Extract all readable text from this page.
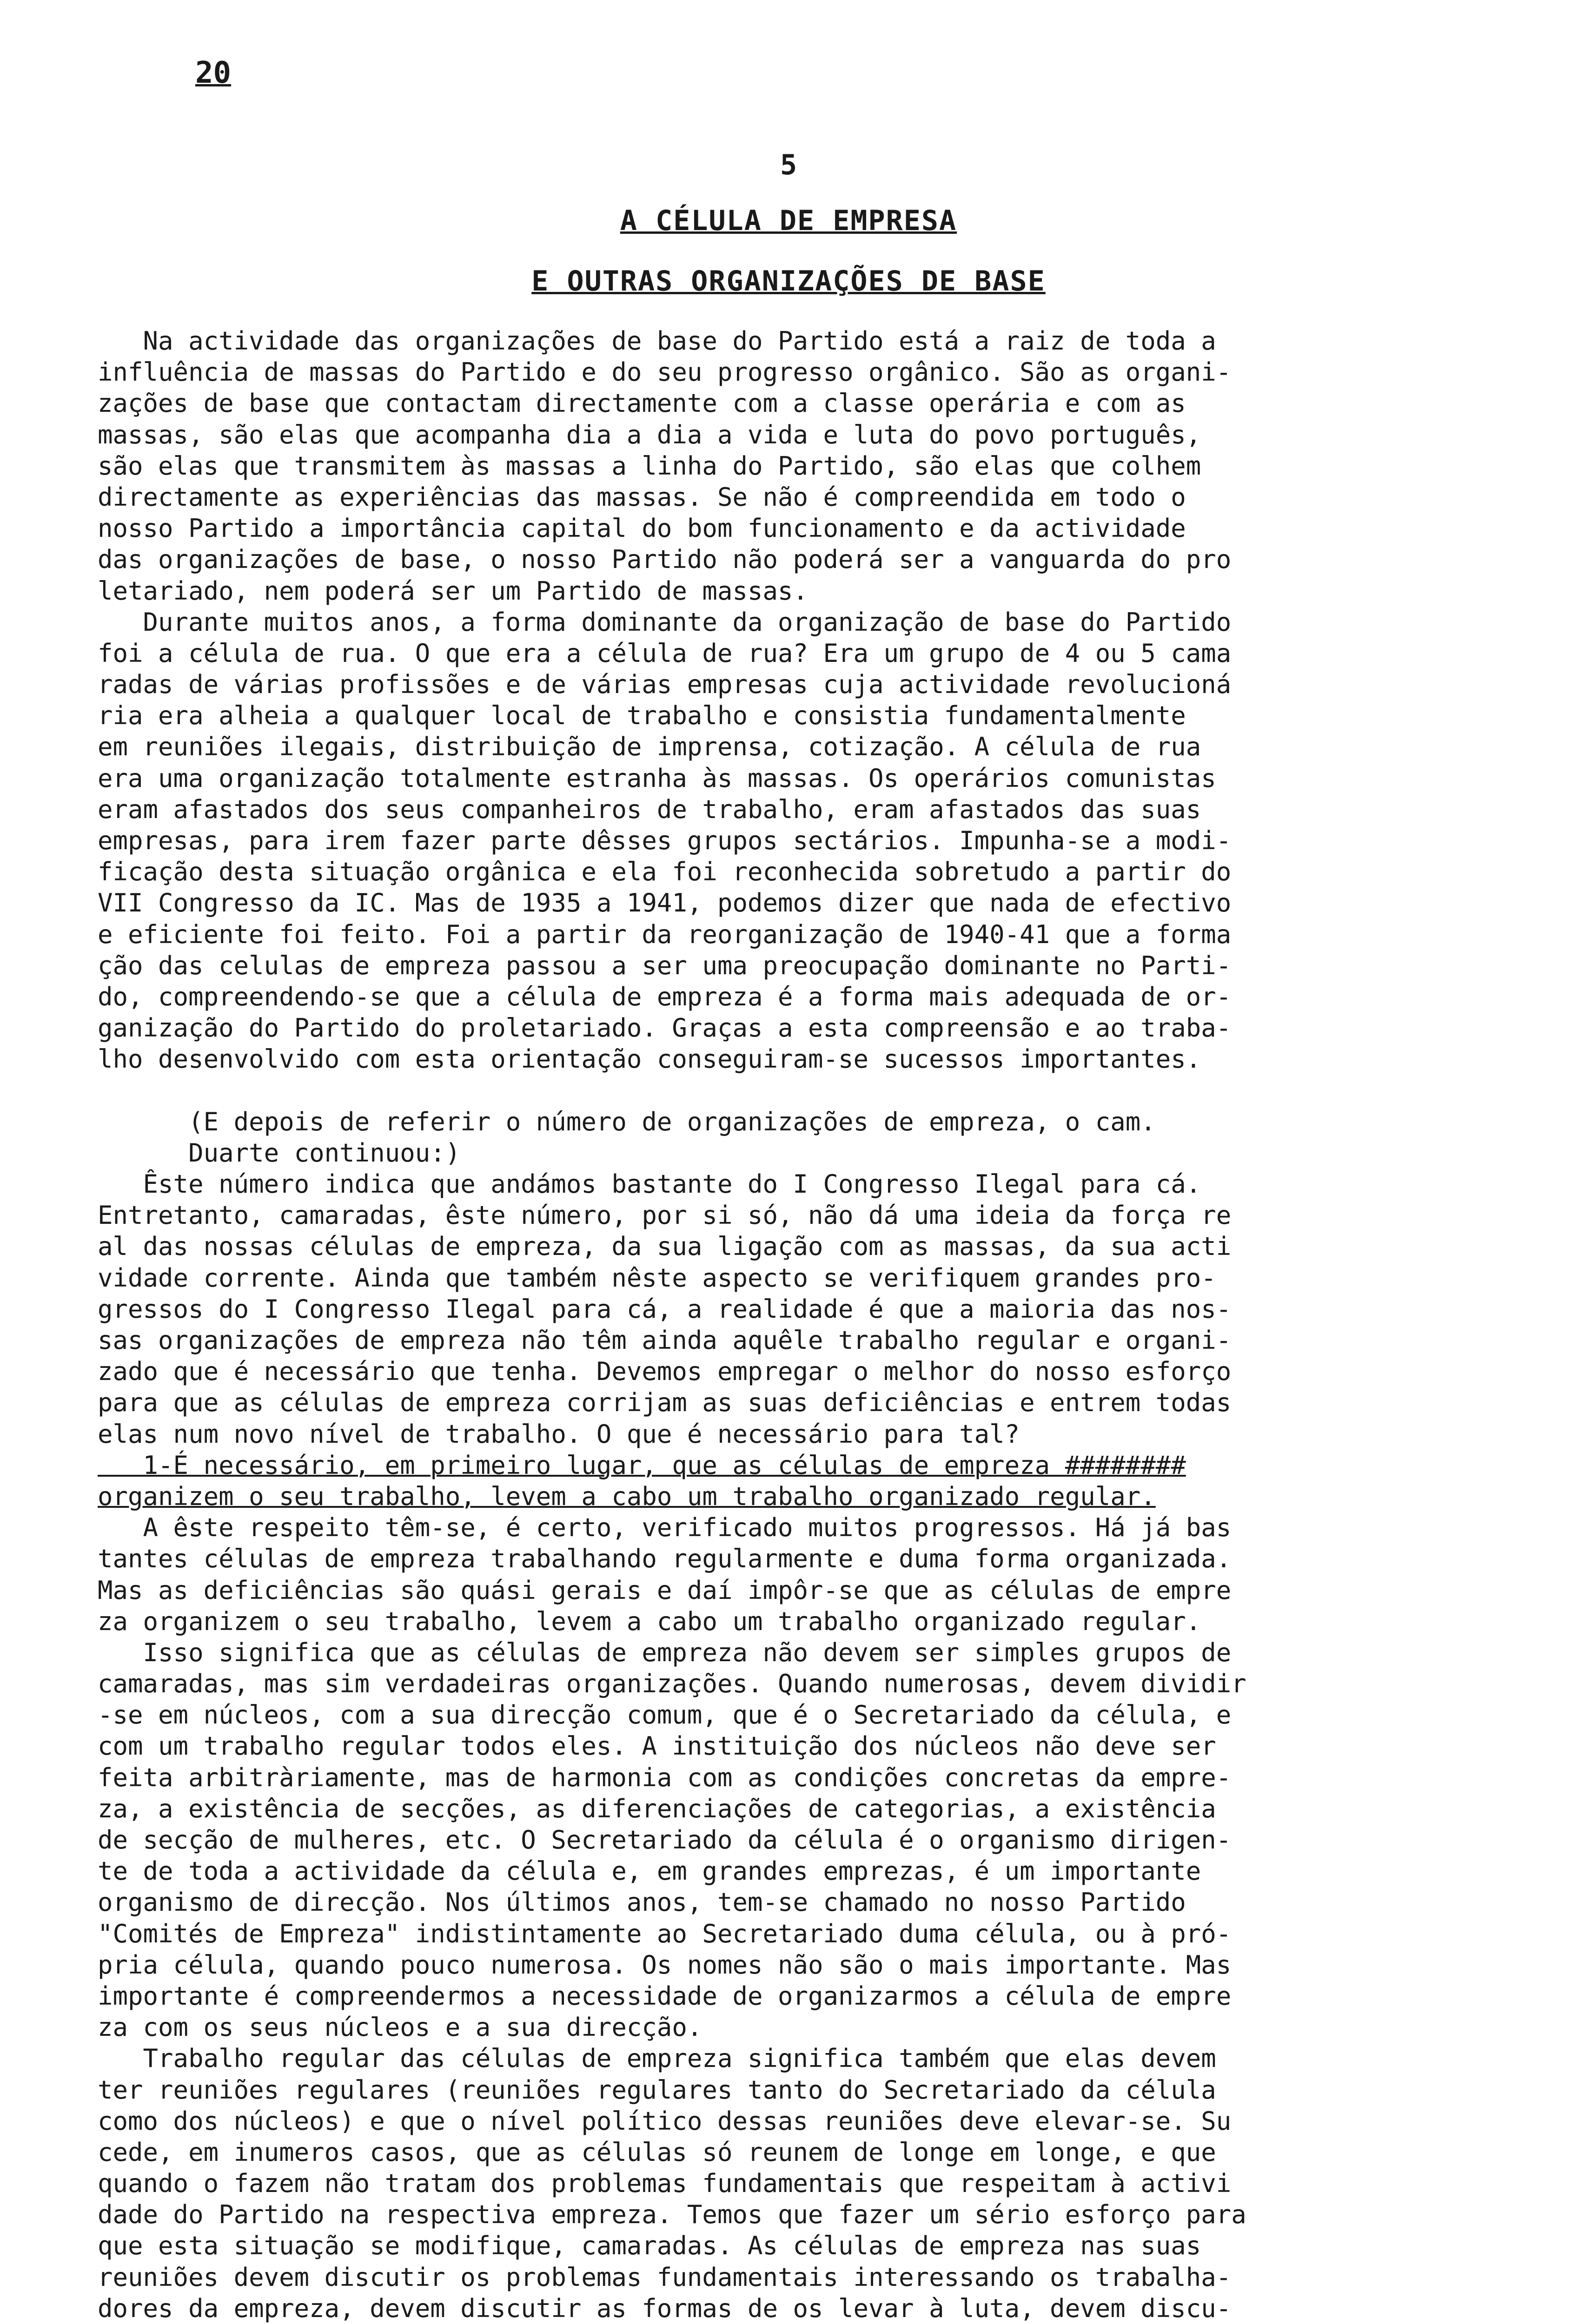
20
5
A CÉLULA DE EMPRESA
E OUTRAS ORGANIZAÇÕES DE BASE
Na actividade das organizações de base do Partido está a raiz de toda a
influência de massas do Partido e do seu progresso orgânico. São as organi-
zações de base que contactam directamente com a classe operária e com as
massas, são elas que acompanha dia a dia a vida e luta do povo português,
são elas que transmitem às massas a linha do Partido, são elas que colhem
directamente as experiências das massas. Se não é compreendida em todo o
nosso Partido a importância capital do bom funcionamento e da actividade
das organizações de base, o nosso Partido não poderá ser a vanguarda do pro
letariado, nem poderá ser um Partido de massas.
Durante muitos anos, a forma dominante da organização de base do Partido
foi a célula de rua. O que era a célula de rua? Era um grupo de 4 ou 5 cama
radas de várias profissões e de várias empresas cuja actividade revolucioná
ria era alheia a qualquer local de trabalho e consistia fundamentalmente
em reuniões ilegais, distribuição de imprensa, cotização. A célula de rua
era uma organização totalmente estranha às massas. Os operários comunistas
eram afastados dos seus companheiros de trabalho, eram afastados das suas
empresas, para irem fazer parte dêsses grupos sectários. Impunha-se a modi-
ficação desta situação orgânica e ela foi reconhecida sobretudo a partir do
VII Congresso da IC. Mas de 1935 a 1941, podemos dizer que nada de efectivo
e eficiente foi feito. Foi a partir da reorganização de 1940-41 que a forma
ção das celulas de empreza passou a ser uma preocupação dominante no Parti-
do, compreendendo-se que a célula de empreza é a forma mais adequada de or-
ganização do Partido do proletariado. Graças a esta compreensão e ao traba-
lho desenvolvido com esta orientação conseguiram-se sucessos importantes.
(E depois de referir o número de organizações de empreza, o cam.
Duarte continuou:)
Êste número indica que andámos bastante do I Congresso Ilegal para cá.
Entretanto, camaradas, êste número, por si só, não dá uma ideia da força re
al das nossas células de empreza, da sua ligação com as massas, da sua acti
vidade corrente. Ainda que também nêste aspecto se verifiquem grandes pro-
gressos do I Congresso Ilegal para cá, a realidade é que a maioria das nos-
sas organizações de empreza não têm ainda aquêle trabalho regular e organi-
zado que é necessário que tenha. Devemos empregar o melhor do nosso esforço
para que as células de empreza corrijam as suas deficiências e entrem todas
elas num novo nível de trabalho. O que é necessário para tal?
1-É necessário, em primeiro lugar, que as células de empreza ########
organizem o seu trabalho, levem a cabo um trabalho organizado regular.
A êste respeito têm-se, é certo, verificado muitos progressos. Há já bas
tantes células de empreza trabalhando regularmente e duma forma organizada.
Mas as deficiências são quási gerais e daí impôr-se que as células de empre
za organizem o seu trabalho, levem a cabo um trabalho organizado regular.
Isso significa que as células de empreza não devem ser simples grupos de
camaradas, mas sim verdadeiras organizações. Quando numerosas, devem dividir
-se em núcleos, com a sua direcção comum, que é o Secretariado da célula, e
com um trabalho regular todos eles. A instituição dos núcleos não deve ser
feita arbitràriamente, mas de harmonia com as condições concretas da empre-
za, a existência de secções, as diferenciações de categorias, a existência
de secção de mulheres, etc. O Secretariado da célula é o organismo dirigen-
te de toda a actividade da célula e, em grandes emprezas, é um importante
organismo de direcção. Nos últimos anos, tem-se chamado no nosso Partido
"Comités de Empreza" indistintamente ao Secretariado duma célula, ou à pró-
pria célula, quando pouco numerosa. Os nomes não são o mais importante. Mas
importante é compreendermos a necessidade de organizarmos a célula de empre
za com os seus núcleos e a sua direcção.
Trabalho regular das células de empreza significa também que elas devem
ter reuniões regulares (reuniões regulares tanto do Secretariado da célula
como dos núcleos) e que o nível político dessas reuniões deve elevar-se. Su
cede, em inumeros casos, que as células só reunem de longe em longe, e que
quando o fazem não tratam dos problemas fundamentais que respeitam à activi
dade do Partido na respectiva empreza. Temos que fazer um sério esforço para
que esta situação se modifique, camaradas. As células de empreza nas suas
reuniões devem discutir os problemas fundamentais interessando os trabalha-
dores da empreza, devem discutir as formas de os levar à luta, devem discu-
